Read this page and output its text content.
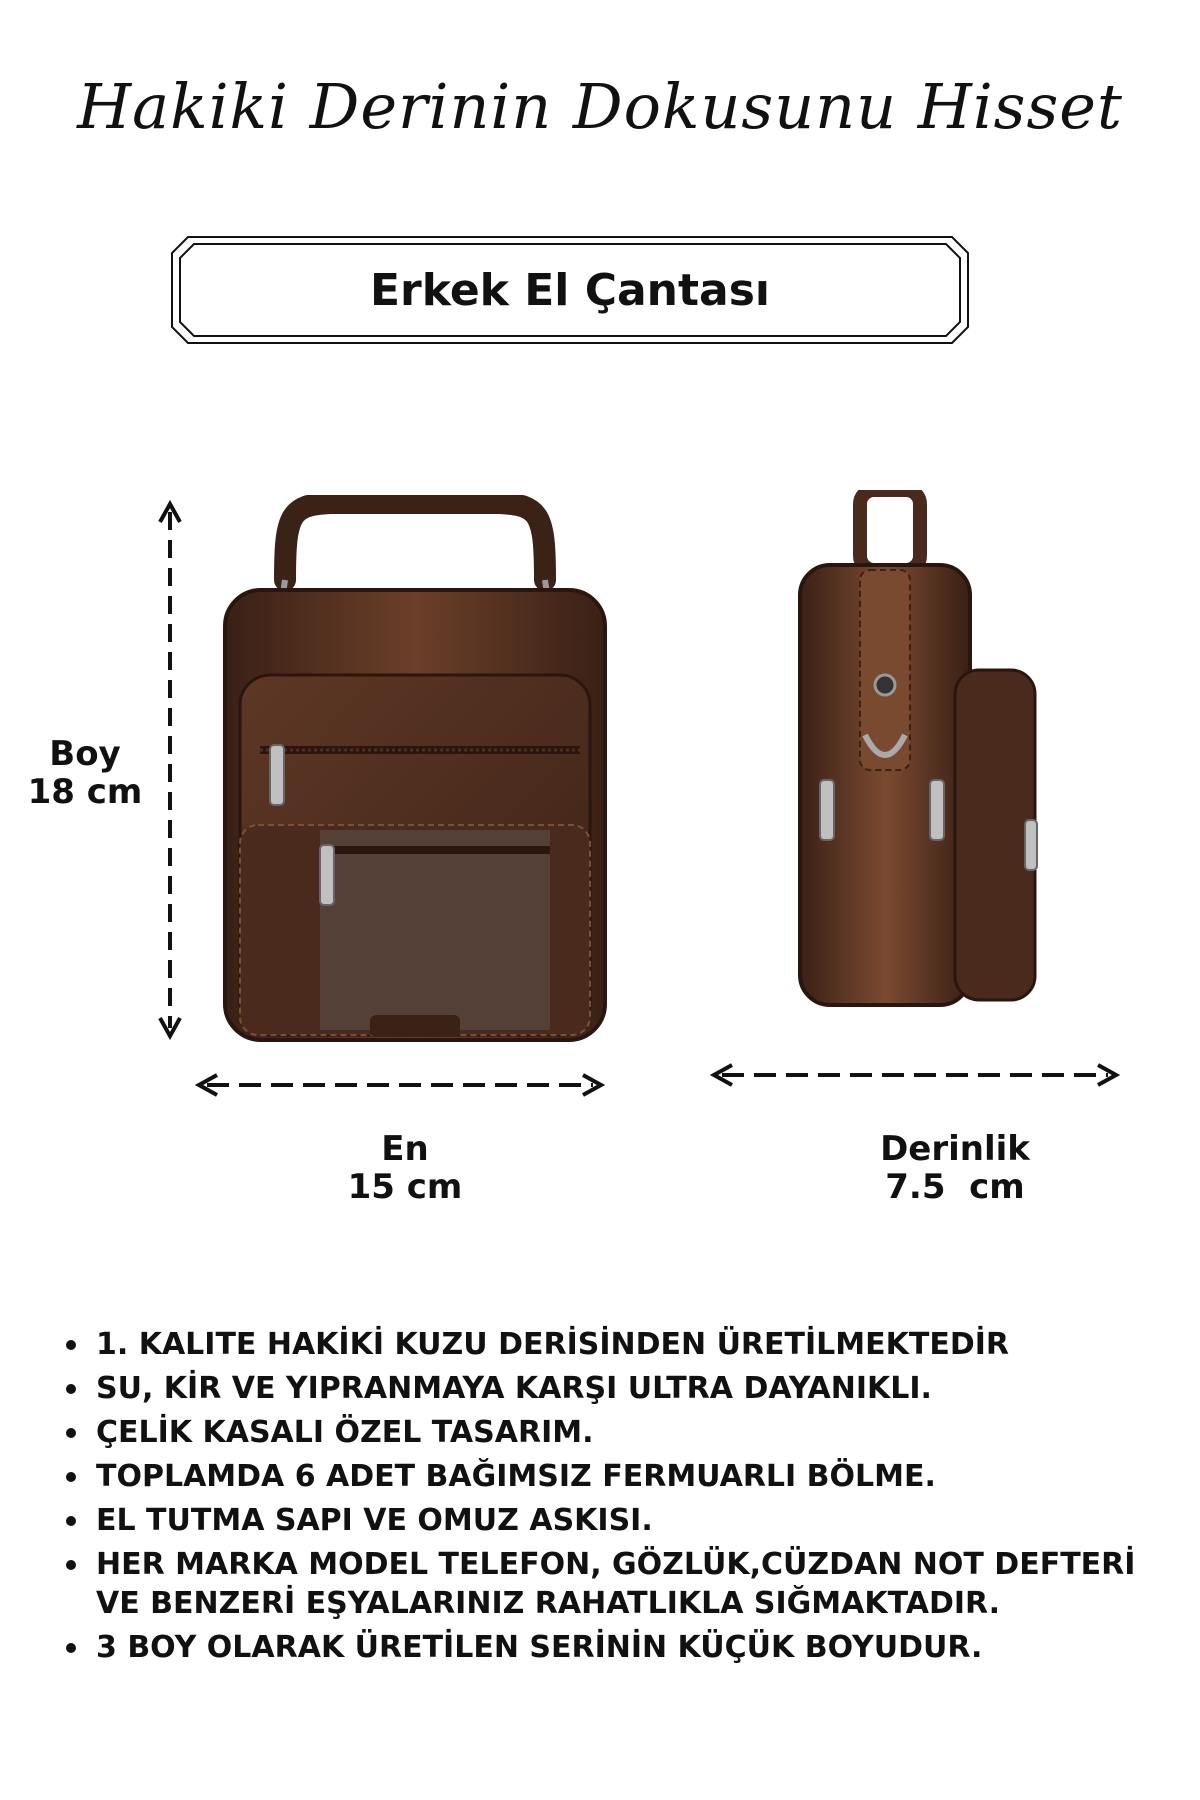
Hakiki Derinin Dokusunu Hisset
Erkek El Çantası
Boy
18 cm
En
15 cm
Derinlik
7.5  cm
1. KALITE HAKİKİ KUZU DERİSİNDEN ÜRETİLMEKTEDİR
SU, KİR VE YIPRANMAYA KARŞI ULTRA DAYANIKLI.
ÇELİK KASALI ÖZEL TASARIM.
TOPLAMDA 6 ADET BAĞIMSIZ FERMUARLI BÖLME.
EL TUTMA SAPI VE OMUZ ASKISI.
HER MARKA MODEL TELEFON, GÖZLÜK,CÜZDAN NOT DEFTERİ VE BENZERİ EŞYALARINIZ RAHATLIKLA SIĞMAKTADIR.
3 BOY OLARAK ÜRETİLEN SERİNİN KÜÇÜK BOYUDUR.
